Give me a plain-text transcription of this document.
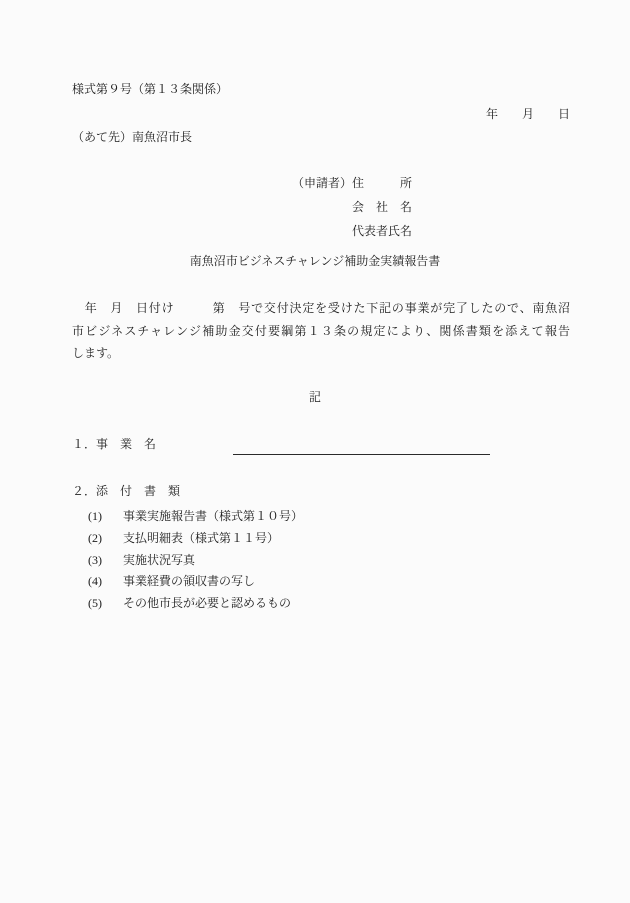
様式第９号（第１３条関係）
年　　月　　日
（あて先）南魚沼市長
（申請者）住　　　所
会　社　名
代表者氏名
南魚沼市ビジネスチャレンジ補助金実績報告書
　年　月　日付け　　　第　号で交付決定を受けた下記の事業が完了したので、南魚沼
市ビジネスチャレンジ補助金交付要綱第１３条の規定により、関係書類を添えて報告
します。
記
１．事　業　名
２．添　付　書　類
(1) 事業実施報告書（様式第１０号）
(2) 支払明細表（様式第１１号）
(3) 実施状況写真
(4) 事業経費の領収書の写し
(5) その他市長が必要と認めるもの
